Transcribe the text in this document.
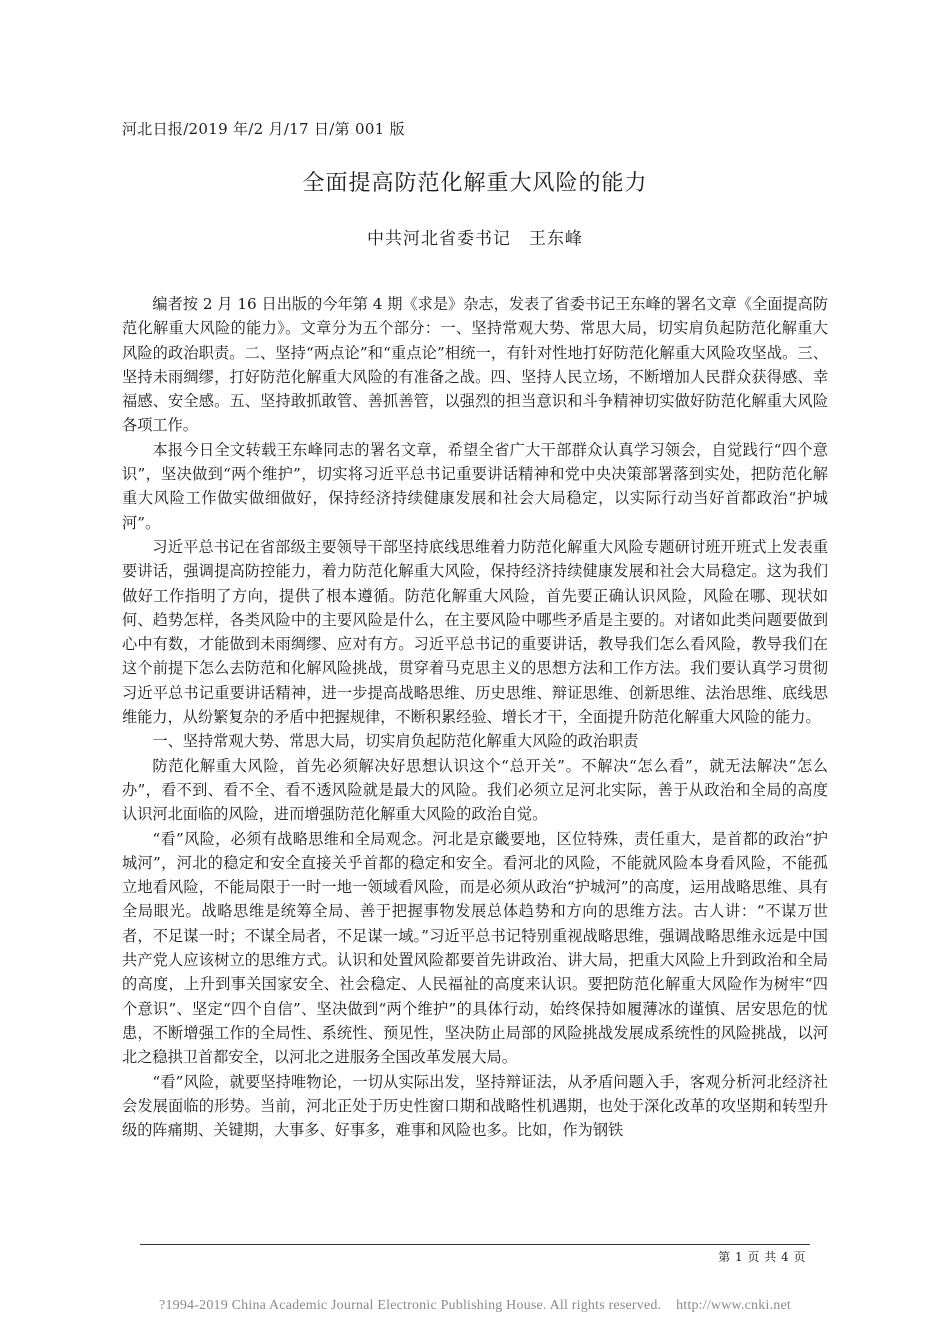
河北日报/2019 年/2 月/17 日/第 001 版
全面提高防范化解重大风险的能力
中共河北省委书记　王东峰

编者按 2 月 16 日出版的今年第 4 期《求是》杂志，发表了省委书记王东峰的署名文章《全面提高防范化解重大风险的能力》。文章分为五个部分：一、坚持常观大势、常思大局，切实肩负起防范化解重大风险的政治职责。二、坚持“两点论”和“重点论”相统一，有针对性地打好防范化解重大风险攻坚战。三、坚持未雨绸缪，打好防范化解重大风险的有准备之战。四、坚持人民立场，不断增加人民群众获得感、幸福感、安全感。五、坚持敢抓敢管、善抓善管，以强烈的担当意识和斗争精神切实做好防范化解重大风险各项工作。

本报今日全文转载王东峰同志的署名文章，希望全省广大干部群众认真学习领会，自觉践行“四个意识”，坚决做到“两个维护”，切实将习近平总书记重要讲话精神和党中央决策部署落到实处，把防范化解重大风险工作做实做细做好，保持经济持续健康发展和社会大局稳定，以实际行动当好首都政治“护城河”。

习近平总书记在省部级主要领导干部坚持底线思维着力防范化解重大风险专题研讨班开班式上发表重要讲话，强调提高防控能力，着力防范化解重大风险，保持经济持续健康发展和社会大局稳定。这为我们做好工作指明了方向，提供了根本遵循。防范化解重大风险，首先要正确认识风险，风险在哪、现状如何、趋势怎样，各类风险中的主要风险是什么，在主要风险中哪些矛盾是主要的。对诸如此类问题要做到心中有数，才能做到未雨绸缪、应对有方。习近平总书记的重要讲话，教导我们怎么看风险，教导我们在这个前提下怎么去防范和化解风险挑战，贯穿着马克思主义的思想方法和工作方法。我们要认真学习贯彻习近平总书记重要讲话精神，进一步提高战略思维、历史思维、辩证思维、创新思维、法治思维、底线思维能力，从纷繁复杂的矛盾中把握规律，不断积累经验、增长才干，全面提升防范化解重大风险的能力。

一、坚持常观大势、常思大局，切实肩负起防范化解重大风险的政治职责

防范化解重大风险，首先必须解决好思想认识这个“总开关”。不解决“怎么看”，就无法解决“怎么办”，看不到、看不全、看不透风险就是最大的风险。我们必须立足河北实际，善于从政治和全局的高度认识河北面临的风险，进而增强防范化解重大风险的政治自觉。

“看”风险，必须有战略思维和全局观念。河北是京畿要地，区位特殊，责任重大，是首都的政治“护城河”，河北的稳定和安全直接关乎首都的稳定和安全。看河北的风险，不能就风险本身看风险，不能孤立地看风险，不能局限于一时一地一领域看风险，而是必须从政治“护城河”的高度，运用战略思维、具有全局眼光。战略思维是统筹全局、善于把握事物发展总体趋势和方向的思维方法。古人讲：“不谋万世者，不足谋一时；不谋全局者，不足谋一域。”习近平总书记特别重视战略思维，强调战略思维永远是中国共产党人应该树立的思维方式。认识和处置风险都要首先讲政治、讲大局，把重大风险上升到政治和全局的高度，上升到事关国家安全、社会稳定、人民福祉的高度来认识。要把防范化解重大风险作为树牢“四个意识”、坚定“四个自信”、坚决做到“两个维护”的具体行动，始终保持如履薄冰的谨慎、居安思危的忧患，不断增强工作的全局性、系统性、预见性，坚决防止局部的风险挑战发展成系统性的风险挑战，以河北之稳拱卫首都安全，以河北之进服务全国改革发展大局。

“看”风险，就要坚持唯物论，一切从实际出发，坚持辩证法，从矛盾问题入手，客观分析河北经济社会发展面临的形势。当前，河北正处于历史性窗口期和战略性机遇期，也处于深化改革的攻坚期和转型升级的阵痛期、关键期，大事多、好事多，难事和风险也多。比如，作为钢铁

第 1 页 共 4 页
?1994-2019 China Academic Journal Electronic Publishing House. All rights reserved.    http://www.cnki.net
